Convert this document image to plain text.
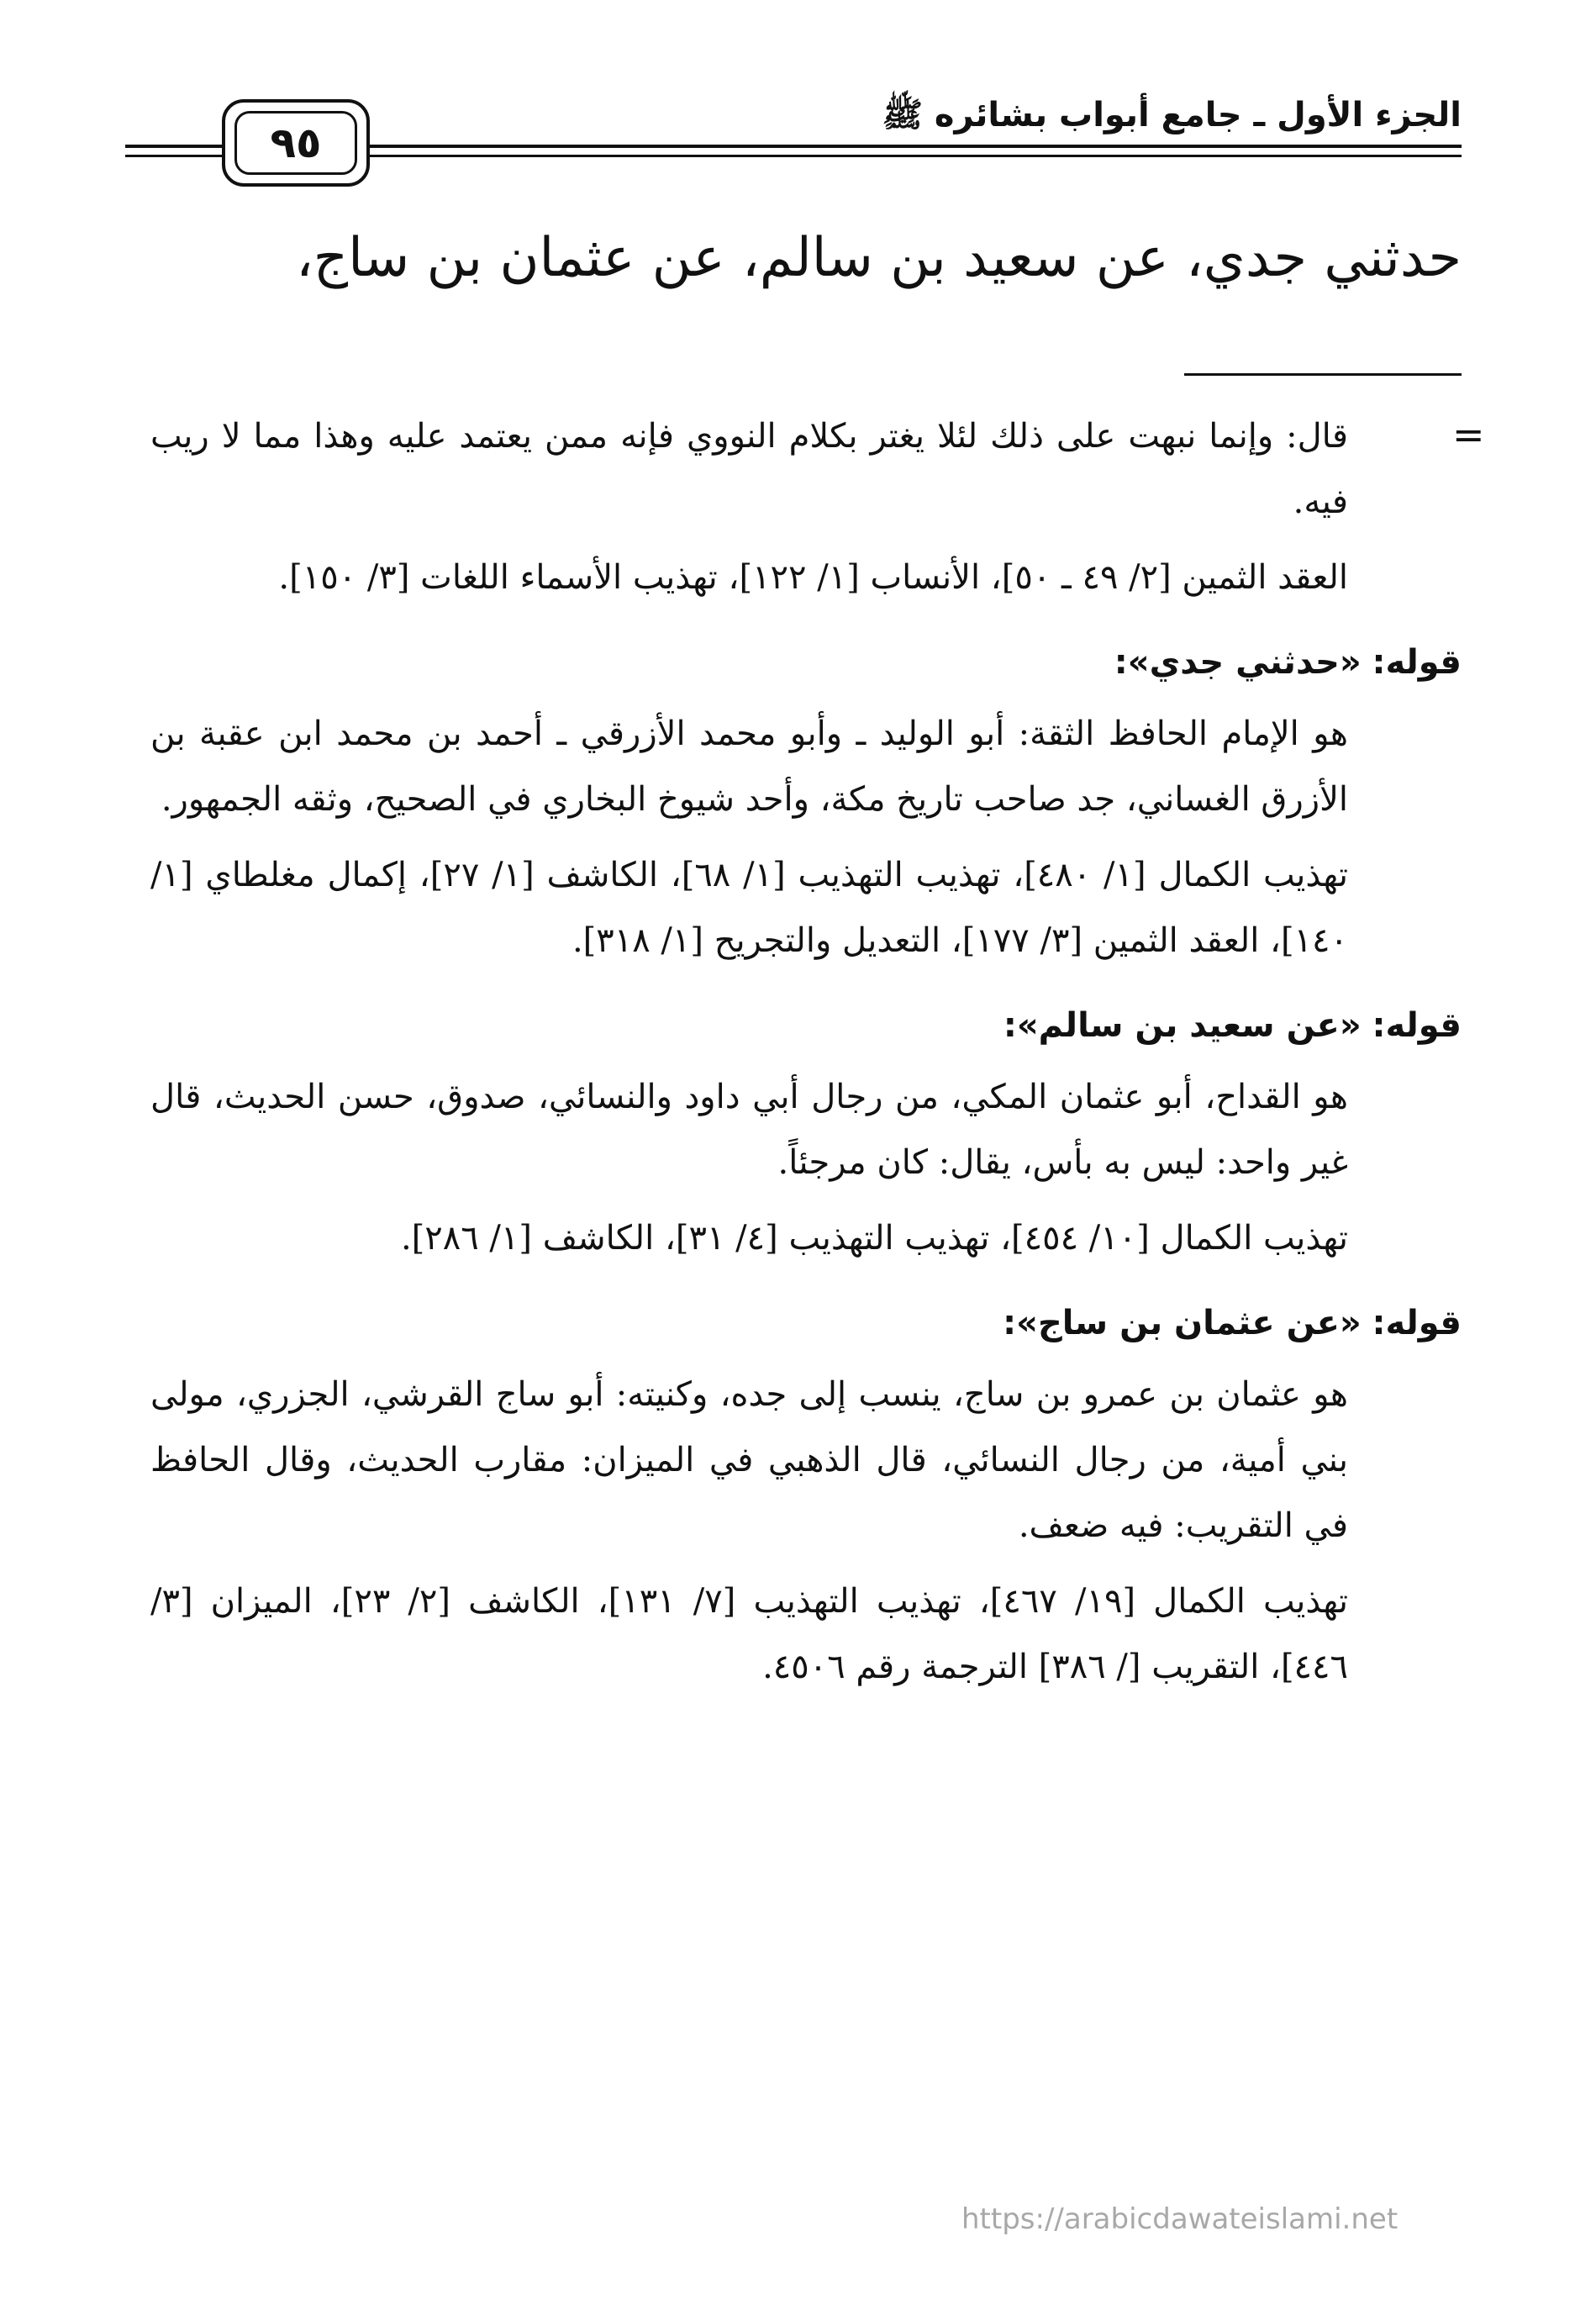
الجزء الأول ـ جامع أبواب بشائره ﷺ
٩٥
حدثني جدي، عن سعيد بن سالم، عن عثمان بن ساج،
=

قال: وإنما نبهت على ذلك لئلا يغتر بكلام النووي فإنه ممن يعتمد عليه وهذا مما لا ريب فيه.

العقد الثمين [٢/ ٤٩ ـ ٥٠]، الأنساب [١/ ١٢٢]، تهذيب الأسماء اللغات [٣/ ١٥٠].

قوله: «حدثني جدي»:

هو الإمام الحافظ الثقة: أبو الوليد ـ وأبو محمد الأزرقي ـ أحمد بن محمد ابن عقبة بن الأزرق الغساني، جد صاحب تاريخ مكة، وأحد شيوخ البخاري في الصحيح، وثقه الجمهور.

تهذيب الكمال [١/ ٤٨٠]، تهذيب التهذيب [١/ ٦٨]، الكاشف [١/ ٢٧]، إكمال مغلطاي [١/ ١٤٠]، العقد الثمين [٣/ ١٧٧]، التعديل والتجريح [١/ ٣١٨].

قوله: «عن سعيد بن سالم»:

هو القداح، أبو عثمان المكي، من رجال أبي داود والنسائي، صدوق، حسن الحديث، قال غير واحد: ليس به بأس، يقال: كان مرجئاً.

تهذيب الكمال [١٠/ ٤٥٤]، تهذيب التهذيب [٤/ ٣١]، الكاشف [١/ ٢٨٦].

قوله: «عن عثمان بن ساج»:

هو عثمان بن عمرو بن ساج، ينسب إلى جده، وكنيته: أبو ساج القرشي، الجزري، مولى بني أمية، من رجال النسائي، قال الذهبي في الميزان: مقارب الحديث، وقال الحافظ في التقريب: فيه ضعف.

تهذيب الكمال [١٩/ ٤٦٧]، تهذيب التهذيب [٧/ ١٣١]، الكاشف [٢/ ٢٣]، الميزان [٣/ ٤٤٦]، التقريب [/ ٣٨٦] الترجمة رقم ٤٥٠٦.

https://arabicdawateislami.net
